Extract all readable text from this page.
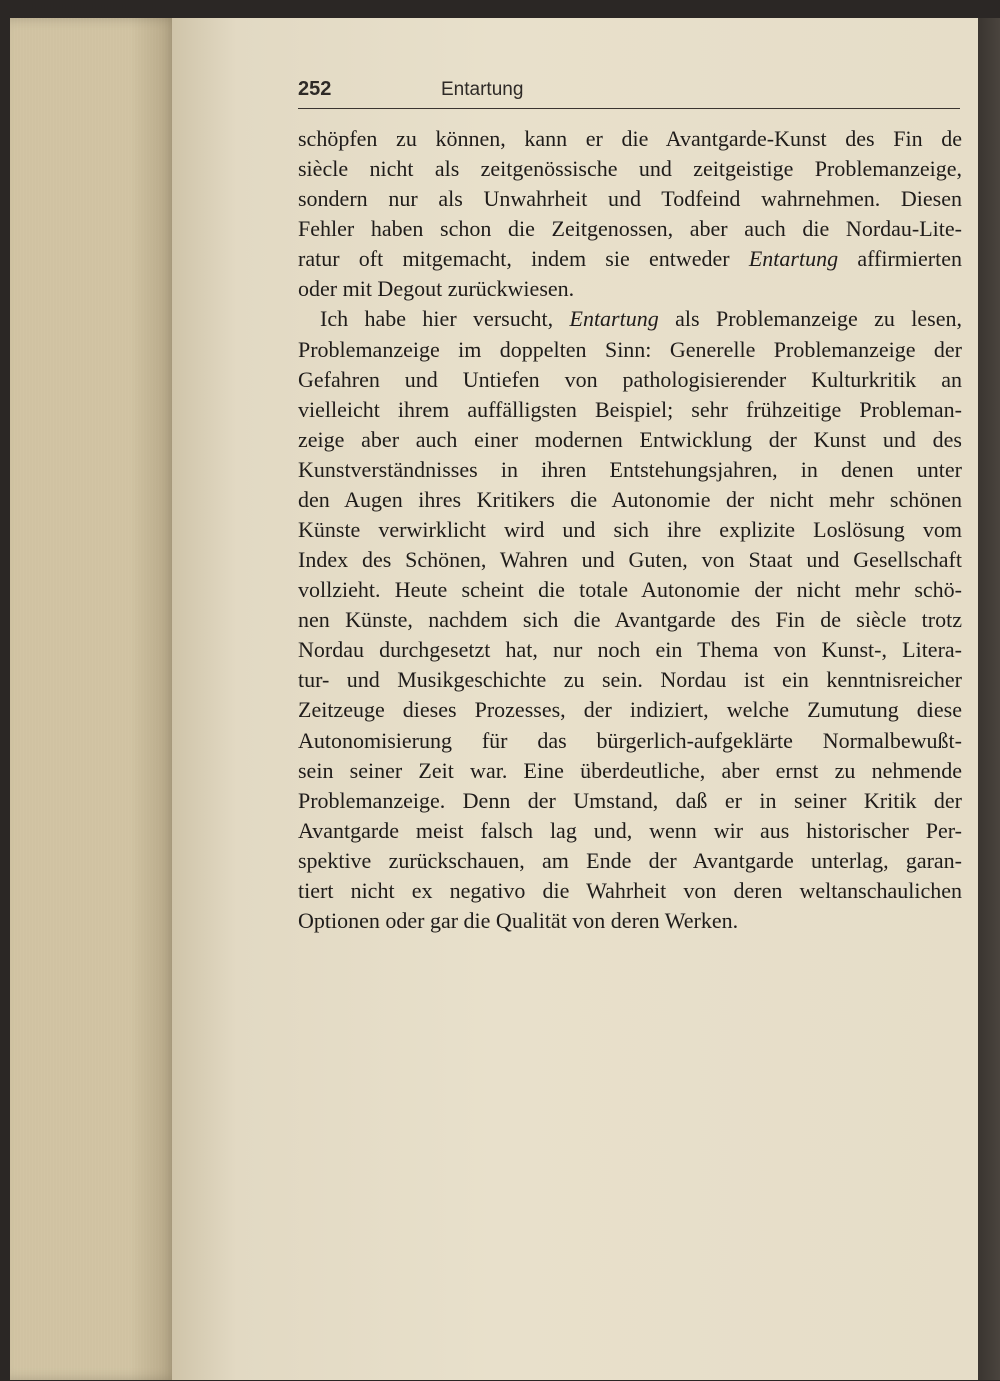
252	Entartung
schöpfen zu können, kann er die Avantgarde-Kunst des Fin de
siècle nicht als zeitgenössische und zeitgeistige Problemanzeige,
sondern nur als Unwahrheit und Todfeind wahrnehmen. Diesen
Fehler haben schon die Zeitgenossen, aber auch die Nordau-Lite-
ratur oft mitgemacht, indem sie entweder Entartung affirmierten
oder mit Degout zurückwiesen.
Ich habe hier versucht, Entartung als Problemanzeige zu lesen,
Problemanzeige im doppelten Sinn: Generelle Problemanzeige der
Gefahren und Untiefen von pathologisierender Kulturkritik an
vielleicht ihrem auffälligsten Beispiel; sehr frühzeitige Probleman-
zeige aber auch einer modernen Entwicklung der Kunst und des
Kunstverständnisses in ihren Entstehungsjahren, in denen unter
den Augen ihres Kritikers die Autonomie der nicht mehr schönen
Künste verwirklicht wird und sich ihre explizite Loslösung vom
Index des Schönen, Wahren und Guten, von Staat und Gesellschaft
vollzieht. Heute scheint die totale Autonomie der nicht mehr schö-
nen Künste, nachdem sich die Avantgarde des Fin de siècle trotz
Nordau durchgesetzt hat, nur noch ein Thema von Kunst-, Litera-
tur- und Musikgeschichte zu sein. Nordau ist ein kenntnisreicher
Zeitzeuge dieses Prozesses, der indiziert, welche Zumutung diese
Autonomisierung für das bürgerlich-aufgeklärte Normalbewußt-
sein seiner Zeit war. Eine überdeutliche, aber ernst zu nehmende
Problemanzeige. Denn der Umstand, daß er in seiner Kritik der
Avantgarde meist falsch lag und, wenn wir aus historischer Per-
spektive zurückschauen, am Ende der Avantgarde unterlag, garan-
tiert nicht ex negativo die Wahrheit von deren weltanschaulichen
Optionen oder gar die Qualität von deren Werken.
